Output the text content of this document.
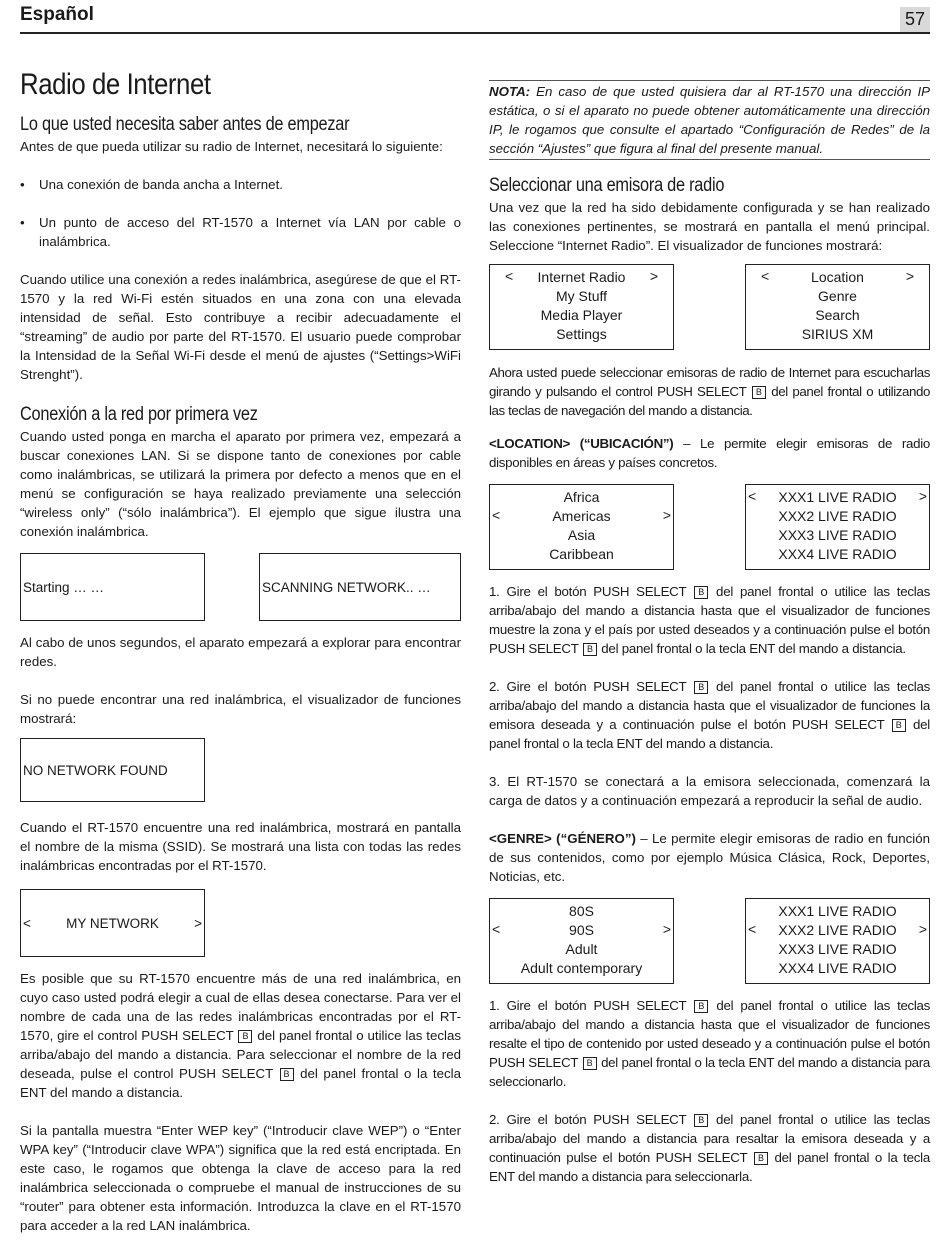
Español	57
Radio de Internet
Lo que usted necesita saber antes de empezar

Antes de que pueda utilizar su radio de Internet, necesitará lo siguiente:

•	Una conexión de banda ancha a Internet.
•	Un punto de acceso del RT-1570 a Internet vía LAN por cable o inalámbrica.

Cuando utilice una conexión a redes inalámbrica, asegúrese de que el RT-1570 y la red Wi-Fi estén situados en una zona con una elevada intensidad de señal. Esto contribuye a recibir adecuadamente el “streaming” de audio por parte del RT-1570. El usuario puede comprobar la Intensidad de la Señal Wi-Fi desde el menú de ajustes (“Settings>WiFi Strenght”).

Conexión a la red por primera vez

Cuando usted ponga en marcha el aparato por primera vez, empezará a buscar conexiones LAN. Si se dispone tanto de conexiones por cable como inalámbricas, se utilizará la primera por defecto a menos que en el menú se configuración se haya realizado previamente una selección “wireless only” (“sólo inalámbrica”). El ejemplo que sigue ilustra una conexión inalámbrica.

Starting … …	SCANNING NETWORK.. …

Al cabo de unos segundos, el aparato empezará a explorar para encontrar redes.

Si no puede encontrar una red inalámbrica, el visualizador de funciones mostrará:

NO NETWORK FOUND

Cuando el RT-1570 encuentre una red inalámbrica, mostrará en pantalla el nombre de la misma (SSID). Se mostrará una lista con todas las redes inalámbricas encontradas por el RT-1570.

<	MY NETWORK	>

Es posible que su RT-1570 encuentre más de una red inalámbrica, en cuyo caso usted podrá elegir a cual de ellas desea conectarse. Para ver el nombre de cada una de las redes inalámbricas encontradas por el RT-1570, gire el control PUSH SELECT B del panel frontal o utilice las teclas arriba/abajo del mando a distancia. Para seleccionar el nombre de la red deseada, pulse el control PUSH SELECT B del panel frontal o la tecla ENT del mando a distancia.

Si la pantalla muestra “Enter WEP key” (“Introducir clave WEP”) o “Enter WPA key” (“Introducir clave WPA”) significa que la red está encriptada. En este caso, le rogamos que obtenga la clave de acceso para la red inalámbrica seleccionada o compruebe el manual de instrucciones de su “router” para obtener esta información. Introduzca la clave en el RT-1570 para acceder a la red LAN inalámbrica.

NOTA: En caso de que usted quisiera dar al RT-1570 una dirección IP estática, o si el aparato no puede obtener automáticamente una dirección IP, le rogamos que consulte el apartado “Configuración de Redes” de la sección “Ajustes” que figura al final del presente manual.

Seleccionar una emisora de radio

Una vez que la red ha sido debidamente configurada y se han realizado las conexiones pertinentes, se mostrará en pantalla el menú principal. Seleccione “Internet Radio”. El visualizador de funciones mostrará:

<	>
Internet Radio
My Stuff
Media Player
Settings
<	>
Location
Genre
Search
SIRIUS XM

Ahora usted puede seleccionar emisoras de radio de Internet para escucharlas girando y pulsando el control PUSH SELECT B del panel frontal o utilizando las teclas de navegación del mando a distancia.

<LOCATION> (“UBICACIÓN”) – Le permite elegir emisoras de radio disponibles en áreas y países concretos.

<	>
Africa
Americas
Asia
Caribbean
<	>
XXX1 LIVE RADIO
XXX2 LIVE RADIO
XXX3 LIVE RADIO
XXX4 LIVE RADIO

1. Gire el botón PUSH SELECT B del panel frontal o utilice las teclas arriba/abajo del mando a distancia hasta que el visualizador de funciones muestre la zona y el país por usted deseados y a continuación pulse el botón PUSH SELECT B del panel frontal o la tecla ENT del mando a distancia.

2. Gire el botón PUSH SELECT B del panel frontal o utilice las teclas arriba/abajo del mando a distancia hasta que el visualizador de funciones la emisora deseada y a continuación pulse el botón PUSH SELECT B del panel frontal o la tecla ENT del mando a distancia.

3. El RT-1570 se conectará a la emisora seleccionada, comenzará la carga de datos y a continuación empezará a reproducir la señal de audio.

<GENRE> (“GÉNERO”) – Le permite elegir emisoras de radio en función de sus contenidos, como por ejemplo Música Clásica, Rock, Deportes, Noticias, etc.

<	>
80S
90S
Adult
Adult contemporary
<	>
XXX1 LIVE RADIO
XXX2 LIVE RADIO
XXX3 LIVE RADIO
XXX4 LIVE RADIO

1. Gire el botón PUSH SELECT B del panel frontal o utilice las teclas arriba/abajo del mando a distancia hasta que el visualizador de funciones resalte el tipo de contenido por usted deseado y a continuación pulse el botón PUSH SELECT B del panel frontal o la tecla ENT del mando a distancia para seleccionarlo.

2. Gire el botón PUSH SELECT B del panel frontal o utilice las teclas arriba/abajo del mando a distancia para resaltar la emisora deseada y a continuación pulse el botón PUSH SELECT B del panel frontal o la tecla ENT del mando a distancia para seleccionarla.
